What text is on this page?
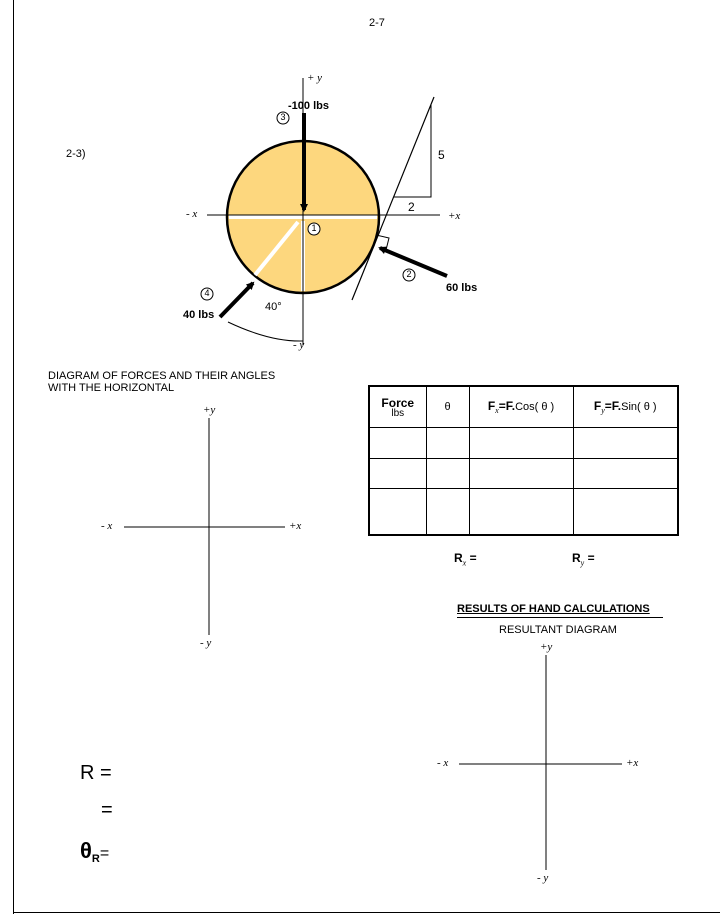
2-7
2-3)
+ y
- x	+x
- y
-100 lbs
60 lbs
40 lbs
40°
5
2
3
1
2
4
DIAGRAM OF FORCES AND THEIR ANGLES
WITH THE HORIZONTAL
+y
- x	+x
- y
Force
lbs	θ	$F_x=F.Cos$( θ )	$F_y=F.Sin$( θ )

$R_x$ =	$R_y$ =
RESULTS OF HAND CALCULATIONS
RESULTANT DIAGRAM
+y
- x	+x
- y
R =
=
$\theta_R=$
